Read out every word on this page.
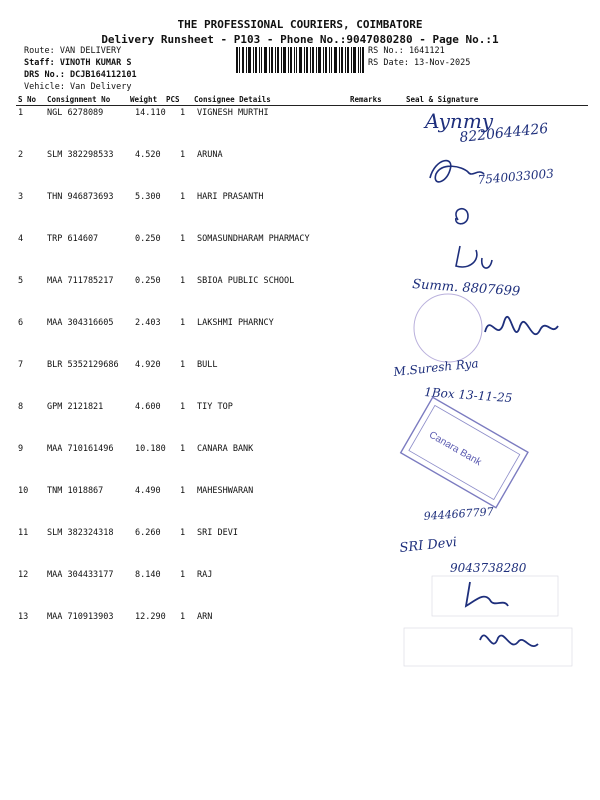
THE PROFESSIONAL COURIERS, COIMBATORE
Delivery Runsheet - P103 - Phone No.:9047080280 - Page No.:1
Route: VAN DELIVERY
Staff: VINOTH KUMAR S
DRS No.: DCJB164112101
Vehicle: Van Delivery
RS No.: 1641121
RS Date: 13-Nov-2025
S No Consignment No	Weight PCS Consignee Details	Remarks	Seal & Signature
1	NGL 6278089	14.110 1 VIGNESH MURTHI
2	SLM 382298533	4.520 1 ARUNA
3	THN 946873693	5.300 1 HARI PRASANTH
4	TRP 614607	0.250 1 SOMASUNDHARAM PHARMACY
5	MAA 711785217	0.250 1 SBIOA PUBLIC SCHOOL
6	MAA 304316605	2.403 1 LAKSHMI PHARNCY
7	BLR 5352129686 4.920 1 BULL
8	GPM 2121821	4.600 1 TIY TOP
9	MAA 710161496	10.180 1 CANARA BANK
10 TNM 1018867	4.490 1 MAHESHWARAN
11 SLM 382324318	6.260 1 SRI DEVI
12 MAA 304433177	8.140 1 RAJ
13 MAA 710913903	12.290 1 ARN
Aynmy
8220644426
7540033003
Summ. 8807699
M.Suresh Rya
1Box 13-11-25
Canara Bank
9444667797
SRI Devi
9043738280
